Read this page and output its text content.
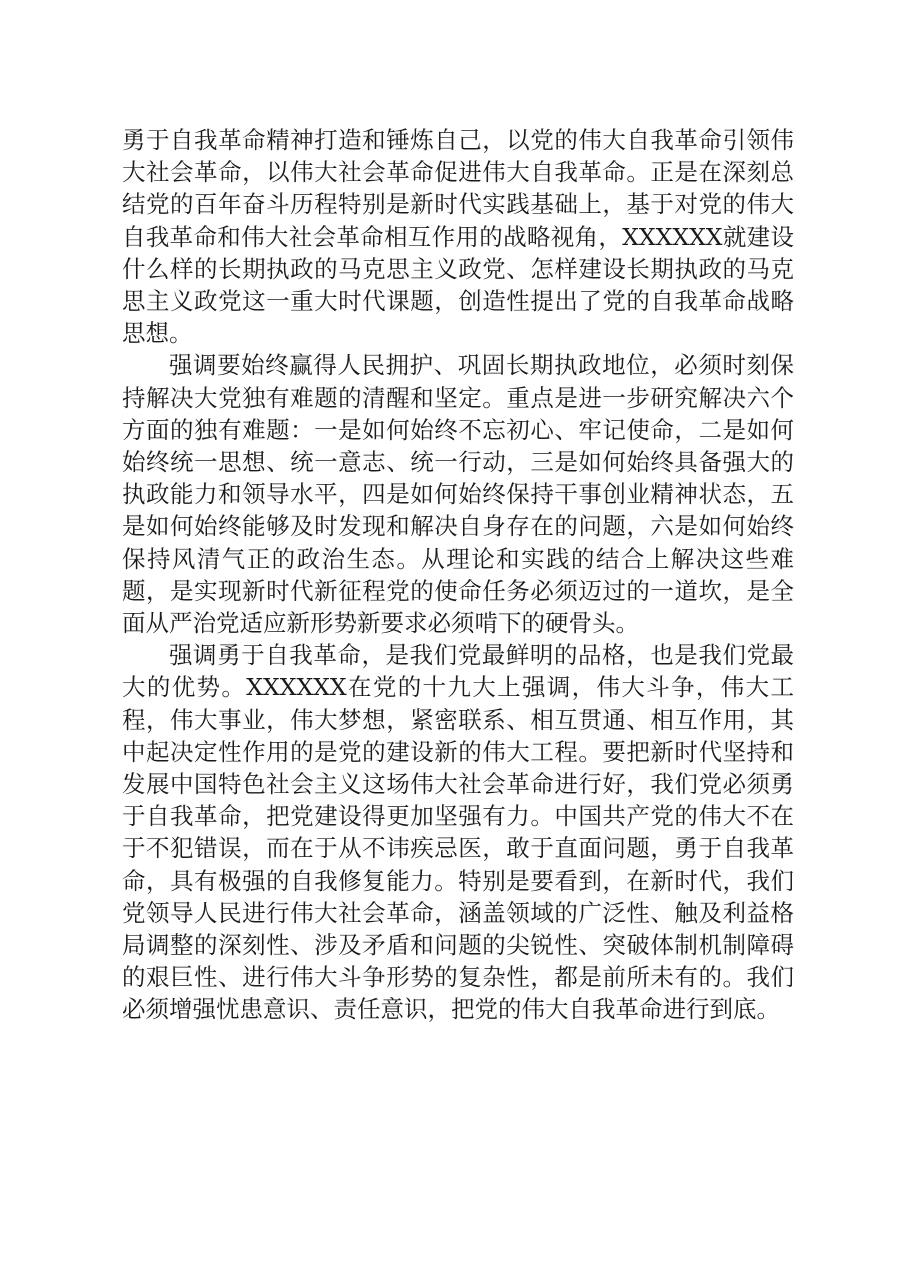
勇于自我革命精神打造和锤炼自己，以党的伟大自我革命引领伟大社会革命，以伟大社会革命促进伟大自我革命。正是在深刻总结党的百年奋斗历程特别是新时代实践基础上，基于对党的伟大自我革命和伟大社会革命相互作用的战略视角，XXXXXX就建设什么样的长期执政的马克思主义政党、怎样建设长期执政的马克思主义政党这一重大时代课题，创造性提出了党的自我革命战略思想。

强调要始终赢得人民拥护、巩固长期执政地位，必须时刻保持解决大党独有难题的清醒和坚定。重点是进一步研究解决六个方面的独有难题：一是如何始终不忘初心、牢记使命，二是如何始终统一思想、统一意志、统一行动，三是如何始终具备强大的执政能力和领导水平，四是如何始终保持干事创业精神状态，五是如何始终能够及时发现和解决自身存在的问题，六是如何始终保持风清气正的政治生态。从理论和实践的结合上解决这些难题，是实现新时代新征程党的使命任务必须迈过的一道坎，是全面从严治党适应新形势新要求必须啃下的硬骨头。

强调勇于自我革命，是我们党最鲜明的品格，也是我们党最大的优势。XXXXXX在党的十九大上强调，伟大斗争，伟大工程，伟大事业，伟大梦想，紧密联系、相互贯通、相互作用，其中起决定性作用的是党的建设新的伟大工程。要把新时代坚持和发展中国特色社会主义这场伟大社会革命进行好，我们党必须勇于自我革命，把党建设得更加坚强有力。中国共产党的伟大不在于不犯错误，而在于从不讳疾忌医，敢于直面问题，勇于自我革命，具有极强的自我修复能力。特别是要看到，在新时代，我们党领导人民进行伟大社会革命，涵盖领域的广泛性、触及利益格局调整的深刻性、涉及矛盾和问题的尖锐性、突破体制机制障碍的艰巨性、进行伟大斗争形势的复杂性，都是前所未有的。我们必须增强忧患意识、责任意识，把党的伟大自我革命进行到底。
